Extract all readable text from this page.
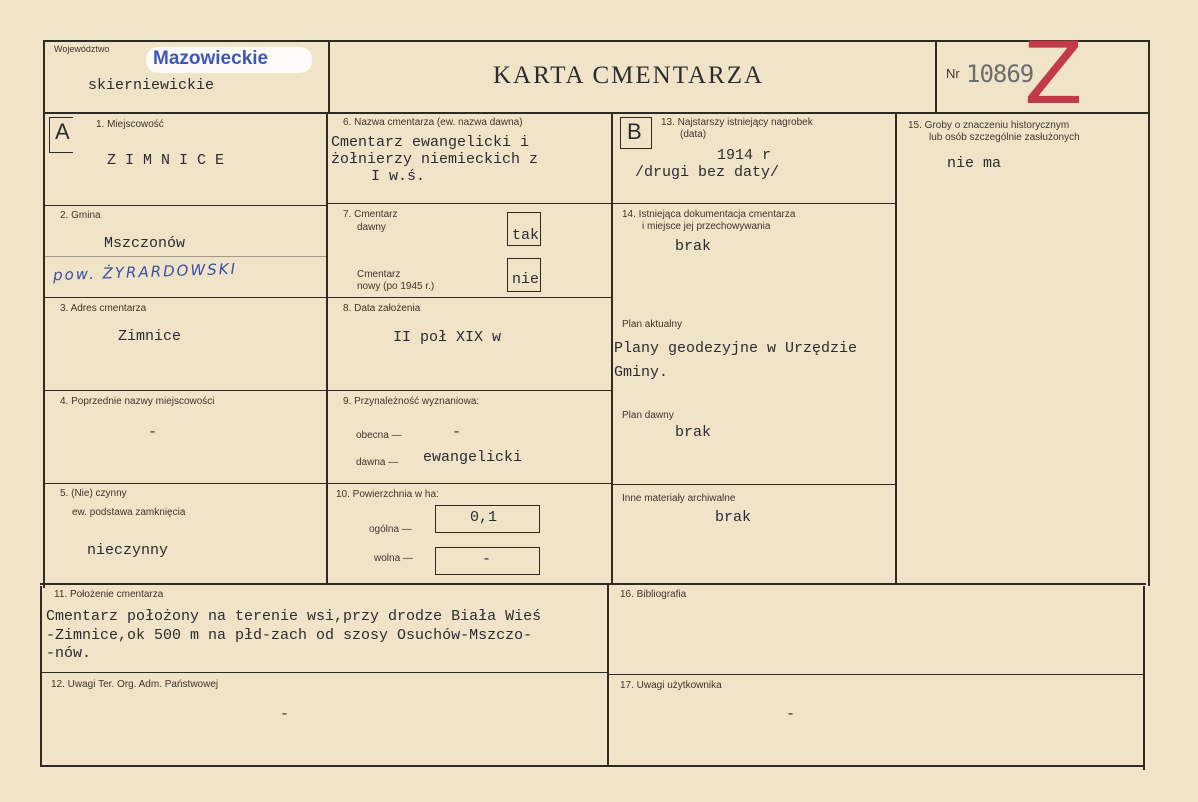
Województwo Mazowieckie
skierniewickie	KARTA CMENTARZA	Nr 10869
Z
A	1. Miejscowość
Z I M N I C E
2. Gmina
Mszczonów
pow. ŻYRARDOWSKI
3. Adres cmentarza
Zimnice
4. Poprzednie nazwy miejscowości
-
5. (Nie) czynny
ew. podstawa zamknięcia
nieczynny
6. Nazwa cmentarza (ew. nazwa dawna)
Cmentarz ewangelicki i
żołnierzy niemieckich z
I w.ś.
7. Cmentarz
dawny	tak
Cmentarz
nowy (po 1945 r.)	nie
8. Data założenia
II poł XIX w
9. Przynależność wyznaniowa:
obecna —	-
dawna — ewangelicki
10. Powierzchnia w ha:
ogólna —
0,1
wolna —	-
B 13. Najstarszy istniejący nagrobek
(data)
1914 r
/drugi bez daty/
14. Istniejąca dokumentacja cmentarza
i miejsce jej przechowywania
brak
Plan aktualny
Plany geodezyjne w Urzędzie
Gminy.
Plan dawny
brak
Inne materiały archiwalne
brak
15. Groby o znaczeniu historycznym
lub osób szczególnie zasłużonych
nie ma
11. Położenie cmentarza
Cmentarz położony na terenie wsi,przy drodze Biała Wieś
-Zimnice,ok 500 m na płd-zach od szosy Osuchów-Mszczo-
-nów.
16. Bibliografia
12. Uwagi Ter. Org. Adm. Państwowej
-
17. Uwagi użytkownika
-
